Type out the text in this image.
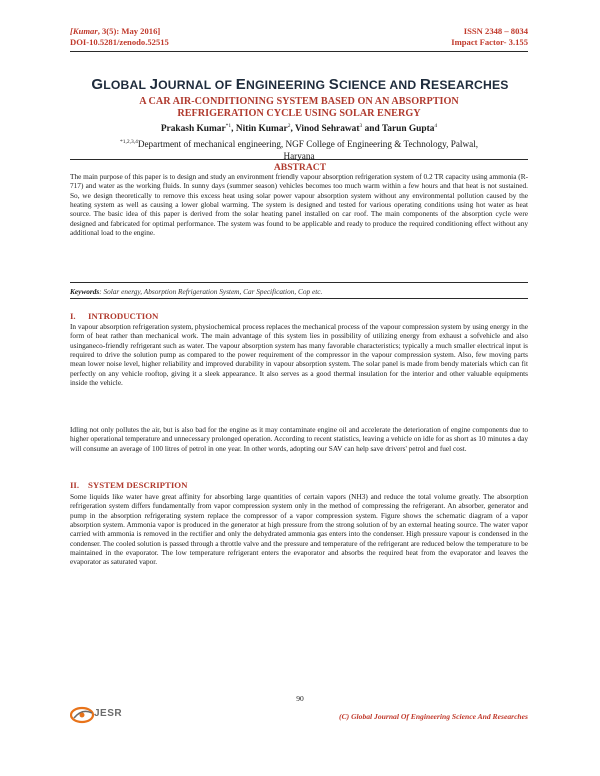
[Kumar, 3(5): May 2016]
DOI-10.5281/zenodo.52515
ISSN 2348 – 8034
Impact Factor- 3.155
GLOBAL JOURNAL OF ENGINEERING SCIENCE AND RESEARCHES
A CAR AIR-CONDITIONING SYSTEM BASED ON AN ABSORPTION
REFRIGERATION CYCLE USING SOLAR ENERGY
Prakash Kumar$^{*1}$, Nitin Kumar$^2$, Vinod Sehrawat$^3$ and Tarun Gupta$^4$
$^{*1,2,3,4}$Department of mechanical engineering, NGF College of Engineering & Technology, Palwal,
Haryana
ABSTRACT

The main purpose of this paper is to design and study an environment friendly vapour absorption refrigeration system of 0.2 TR capacity using ammonia (R-717) and water as the working fluids. In sunny days (summer season) vehicles becomes too much warm within a few hours and that heat is not sustained. So, we design theoretically to remove this excess heat using solar power vapour absorption system without any environmental pollution caused by the heating system as well as causing a lower global warming. The system is designed and tested for various operating conditions using hot water as heat source. The basic idea of this paper is derived from the solar heating panel installed on car roof. The main components of the absorption cycle were designed and fabricated for optimal performance. The system was found to be applicable and ready to produce the required conditioning effect without any additional load to the engine.

Keywords: Solar energy, Absorption Refrigeration System, Car Specification, Cop etc.
I. INTRODUCTION

In vapour absorption refrigeration system, physiochemical process replaces the mechanical process of the vapour compression system by using energy in the form of heat rather than mechanical work. The main advantage of this system lies in possibility of utilizing energy from exhaust a sofvehicle and also usinganeco-friendly refrigerant such as water. The vapour absorption system has many favorable characteristics; typically a much smaller electrical input is required to drive the solution pump as compared to the power requirement of the compressor in the vapour compression system. Also, few moving parts mean lower noise level, higher reliability and improved durability in vapour absorption system. The solar panel is made from bendy materials which can fit perfectly on any vehicle rooftop, giving it a sleek appearance. It also serves as a good thermal insulation for the interior and other valuable equipments inside the vehicle.

Idling not only pollutes the air, but is also bad for the engine as it may contaminate engine oil and accelerate the deterioration of engine components due to higher operational temperature and unnecessary prolonged operation. According to recent statistics, leaving a vehicle on idle for as short as 10 minutes a day will consume an average of 100 litres of petrol in one year. In other words, adopting our SAV can help save drivers' petrol and fuel cost.

II. SYSTEM DESCRIPTION

Some liquids like water have great affinity for absorbing large quantities of certain vapors (NH3) and reduce the total volume greatly. The absorption refrigeration system differs fundamentally from vapor compression system only in the method of compressing the refrigerant. An absorber, generator and pump in the absorption refrigerating system replace the compressor of a vapor compression system. Figure shows the schematic diagram of a vapor absorption system. Ammonia vapor is produced in the generator at high pressure from the strong solution of by an external heating source. The water vapor carried with ammonia is removed in the rectifier and only the dehydrated ammonia gas enters into the condenser. High pressure vapour is condensed in the condenser. The cooled solution is passed through a throttle valve and the pressure and temperature of the refrigerant are reduced below the temperature to be maintained in the evaporator. The low temperature refrigerant enters the evaporator and absorbs the required heat from the evaporator and leaves the evaporator as saturated vapor.

90
JESR	(C) Global Journal Of Engineering Science And Researches
